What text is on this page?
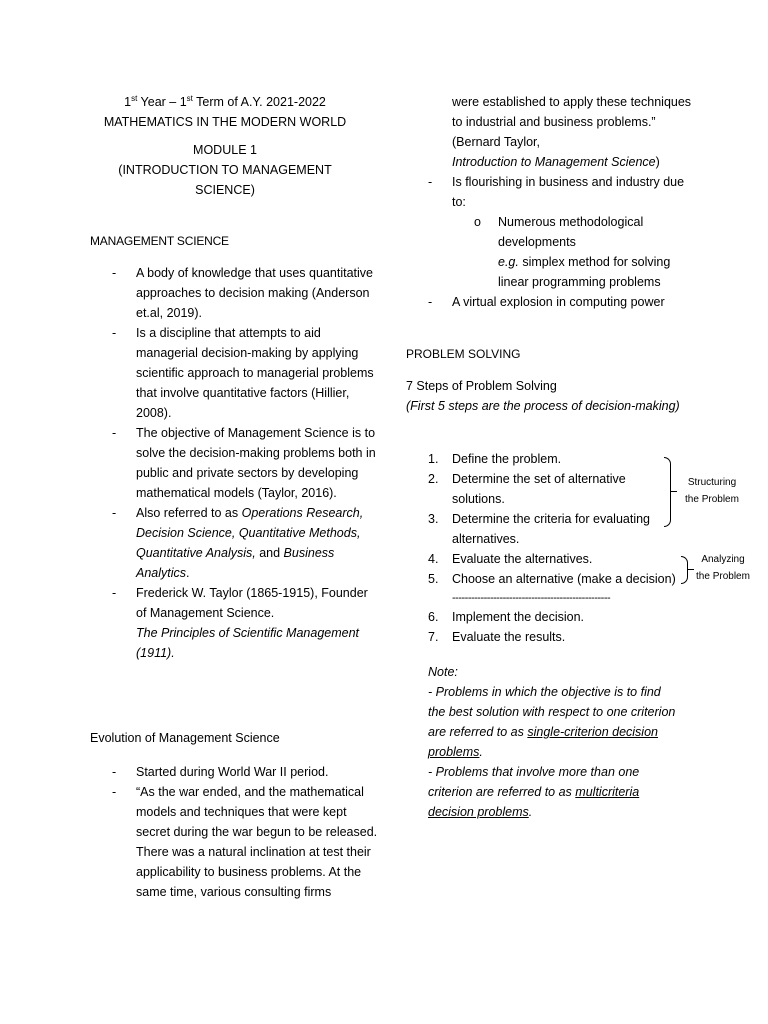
1st Year – 1st Term of A.Y. 2021-2022
MATHEMATICS IN THE MODERN WORLD
MODULE 1
(INTRODUCTION TO MANAGEMENT SCIENCE)
MANAGEMENT SCIENCE
- A body of knowledge that uses quantitative approaches to decision making (Anderson et.al, 2019).
- Is a discipline that attempts to aid managerial decision-making by applying scientific approach to managerial problems that involve quantitative factors (Hillier, 2008).
- The objective of Management Science is to solve the decision-making problems both in public and private sectors by developing mathematical models (Taylor, 2016).
- Also referred to as Operations Research, Decision Science, Quantitative Methods, Quantitative Analysis, and Business Analytics.
- Frederick W. Taylor (1865-1915), Founder of Management Science.
The Principles of Scientific Management (1911).
Evolution of Management Science
- Started during World War II period.
- “As the war ended, and the mathematical models and techniques that were kept secret during the war begun to be released. There was a natural inclination at test their applicability to business problems. At the same time, various consulting firms
were established to apply these techniques to industrial and business problems.” (Bernard Taylor,
Introduction to Management Science)
- Is flourishing in business and industry due to:
o Numerous methodological developments
e.g. simplex method for solving linear programming problems
- A virtual explosion in computing power
PROBLEM SOLVING
7 Steps of Problem Solving
(First 5 steps are the process of decision-making)
1. Define the problem.
2. Determine the set of alternative solutions.
3. Determine the criteria for evaluating alternatives.
4. Evaluate the alternatives.
5. Choose an alternative (make a decision)
--------------------------------------------------
6. Implement the decision.
7. Evaluate the results.
Structuring
the Problem
Analyzing
the Problem
Note:
- Problems in which the objective is to find the best solution with respect to one criterion are referred to as single-criterion decision problems.
- Problems that involve more than one criterion are referred to as multicriteria decision problems.
